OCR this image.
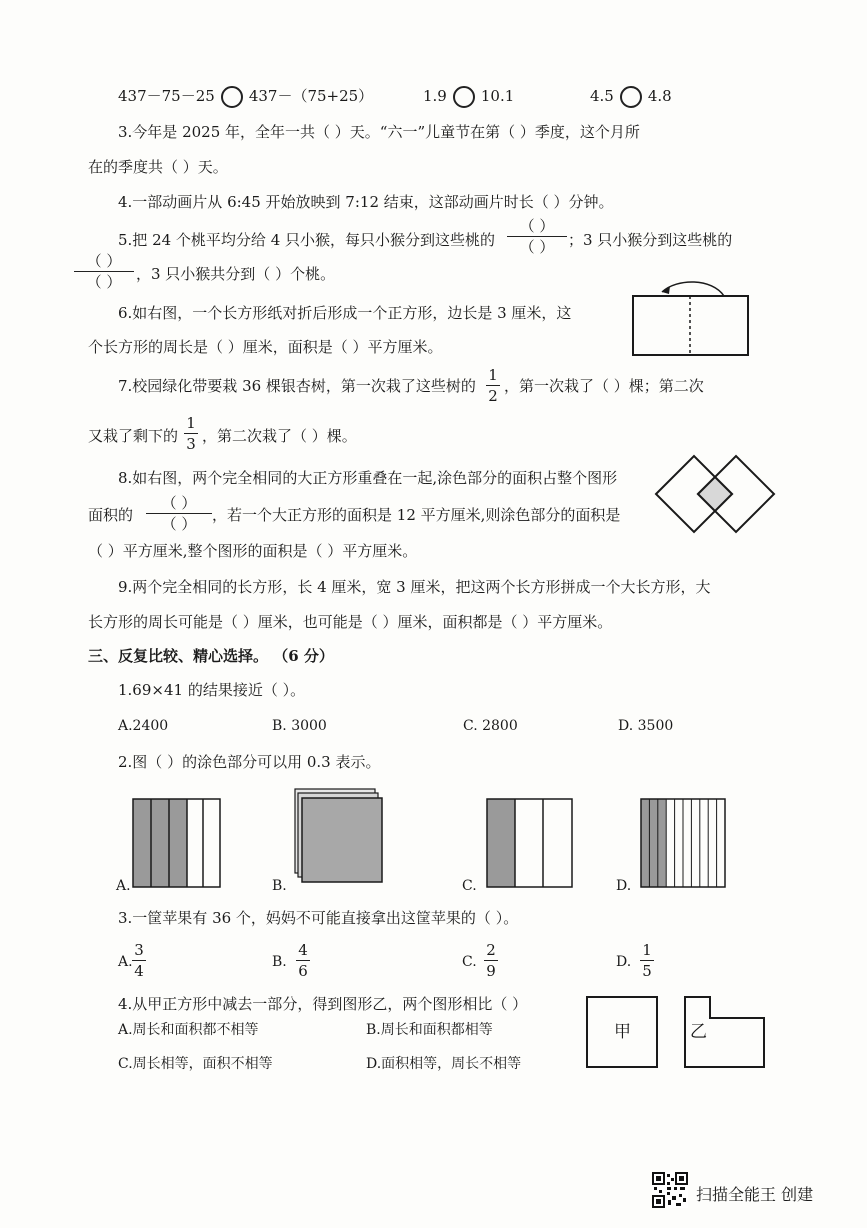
437－75－25 437－（75+25）	1.9 10.1	4.5 4.8
3.今年是 2025 年，全年一共（ ）天。“六一”儿童节在第（ ）季度，这个月所
在的季度共（ ）天。
4.一部动画片从 6:45 开始放映到 7:12 结束，这部动画片时长（ ）分钟。
5.把 24 个桃平均分给 4 只小猴，每只小猴分到这些桃的
（ ）
（ ） ；3 只小猴分到这些桃的
（ ）
（ ） ，3 只小猴共分到（ ）个桃。
6.如右图，一个长方形纸对折后形成一个正方形，边长是 3 厘米，这
个长方形的周长是（ ）厘米，面积是（ ）平方厘米。
7.校园绿化带要栽 36 棵银杏树，第一次栽了这些树的
1
2
，第一次栽了（ ）棵；第二次
又栽了剩下的
1
3 ，第二次栽了（ ）棵。
8.如右图，两个完全相同的大正方形重叠在一起,涂色部分的面积占整个图形
面积的
（ ）
（ ）	，若一个大正方形的面积是 12 平方厘米,则涂色部分的面积是
（ ）平方厘米,整个图形的面积是（ ）平方厘米。
9.两个完全相同的长方形，长 4 厘米，宽 3 厘米，把这两个长方形拼成一个大长方形，大
长方形的周长可能是（ ）厘米，也可能是（ ）厘米，面积都是（ ）平方厘米。
三、反复比较、精心选择。 （6 分）
1.69×41 的结果接近（ ）。
A.2400	B. 3000	C. 2800	D. 3500
2.图（ ）的涂色部分可以用 0.3 表示。
A.	B.	C.	D.
3.一筐苹果有 36 个，妈妈不可能直接拿出这筐苹果的（ ）。
A.
3
4	B.
4
6	C.
2
9	D.
1
5
4.从甲正方形中减去一部分，得到图形乙，两个图形相比（ ）
A.周长和面积都不相等	B.周长和面积都相等
C.周长相等，面积不相等	D.面积相等，周长不相等
甲	乙
扫描全能王 创建
